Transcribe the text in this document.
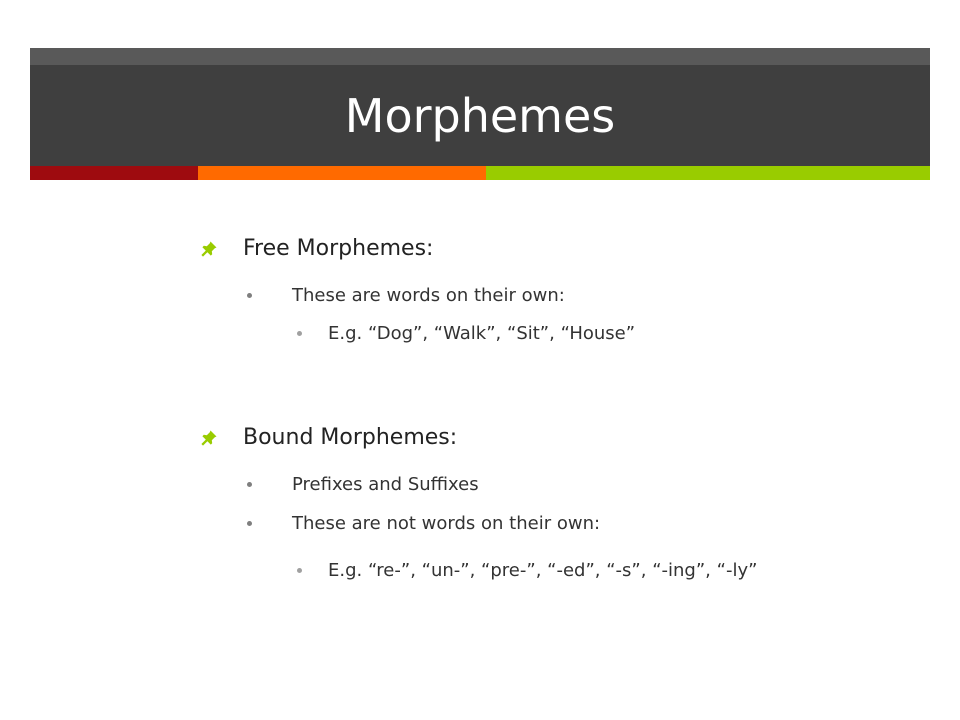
Morphemes
Free Morphemes:
These are words on their own:
E.g. “Dog”, “Walk”, “Sit”, “House”
Bound Morphemes:
Prefixes and Suffixes
These are not words on their own:
E.g. “re-”, “un-”, “pre-”, “-ed”, “-s”, “-ing”, “-ly”
